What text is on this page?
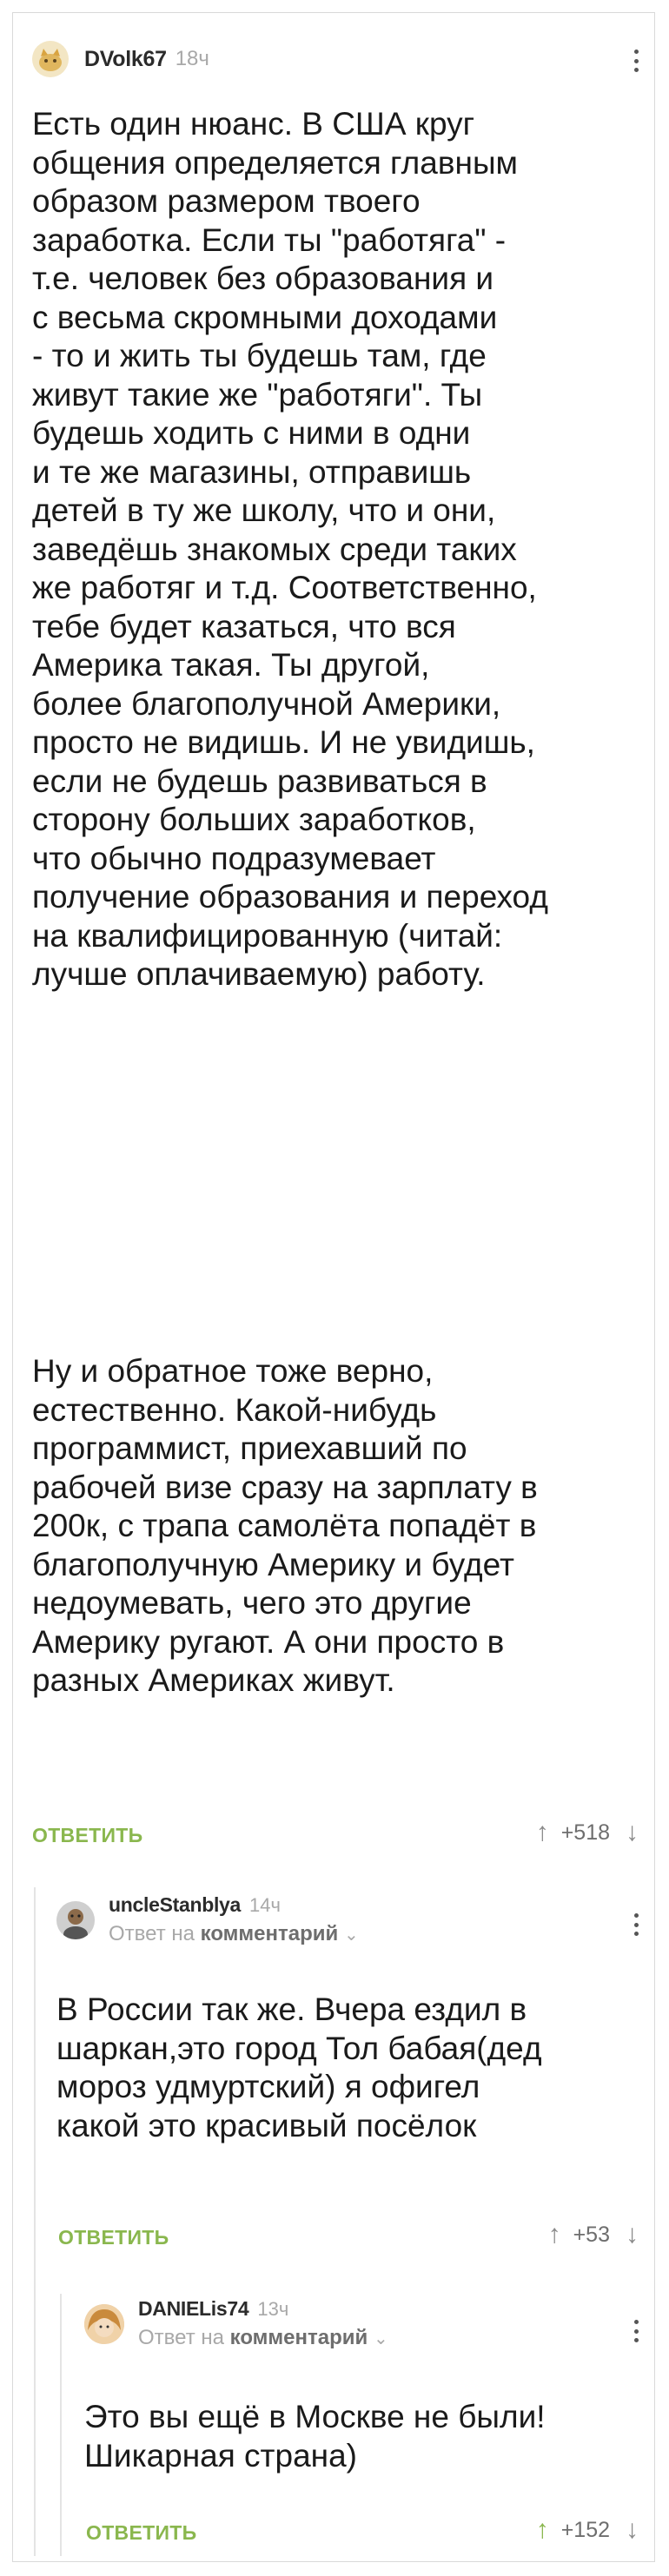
DVolk67 18ч
Есть один нюанс. В США круг
общения определяется главным
образом размером твоего
заработка. Если ты "работяга" -
т.е. человек без образования и
с весьма скромными доходами
- то и жить ты будешь там, где
живут такие же "работяги". Ты
будешь ходить с ними в одни
и те же магазины, отправишь
детей в ту же школу, что и они,
заведёшь знакомых среди таких
же работяг и т.д. Соответственно,
тебе будет казаться, что вся
Америка такая. Ты другой,
более благополучной Америки,
просто не видишь. И не увидишь,
если не будешь развиваться в
сторону больших заработков,
что обычно подразумевает
получение образования и переход
на квалифицированную (читай:
лучше оплачиваемую) работу.
Ну и обратное тоже верно,
естественно. Какой-нибудь
программист, приехавший по
рабочей визе сразу на зарплату в
200к, с трапа самолёта попадёт в
благополучную Америку и будет
недоумевать, чего это другие
Америку ругают. А они просто в
разных Америках живут.
ОТВЕТИТЬ	↑ +518 ↓
uncleStanblya 14ч
Ответ на комментарий ⌄
В России так же. Вчера ездил в
шаркан,это город Тол бабая(дед
мороз удмуртский) я офигел
какой это красивый посёлок
ОТВЕТИТЬ	↑ +53 ↓
DANIELis74 13ч
Ответ на комментарий ⌄
Это вы ещё в Москве не были!
Шикарная страна)
ОТВЕТИТЬ	↑ +152 ↓
